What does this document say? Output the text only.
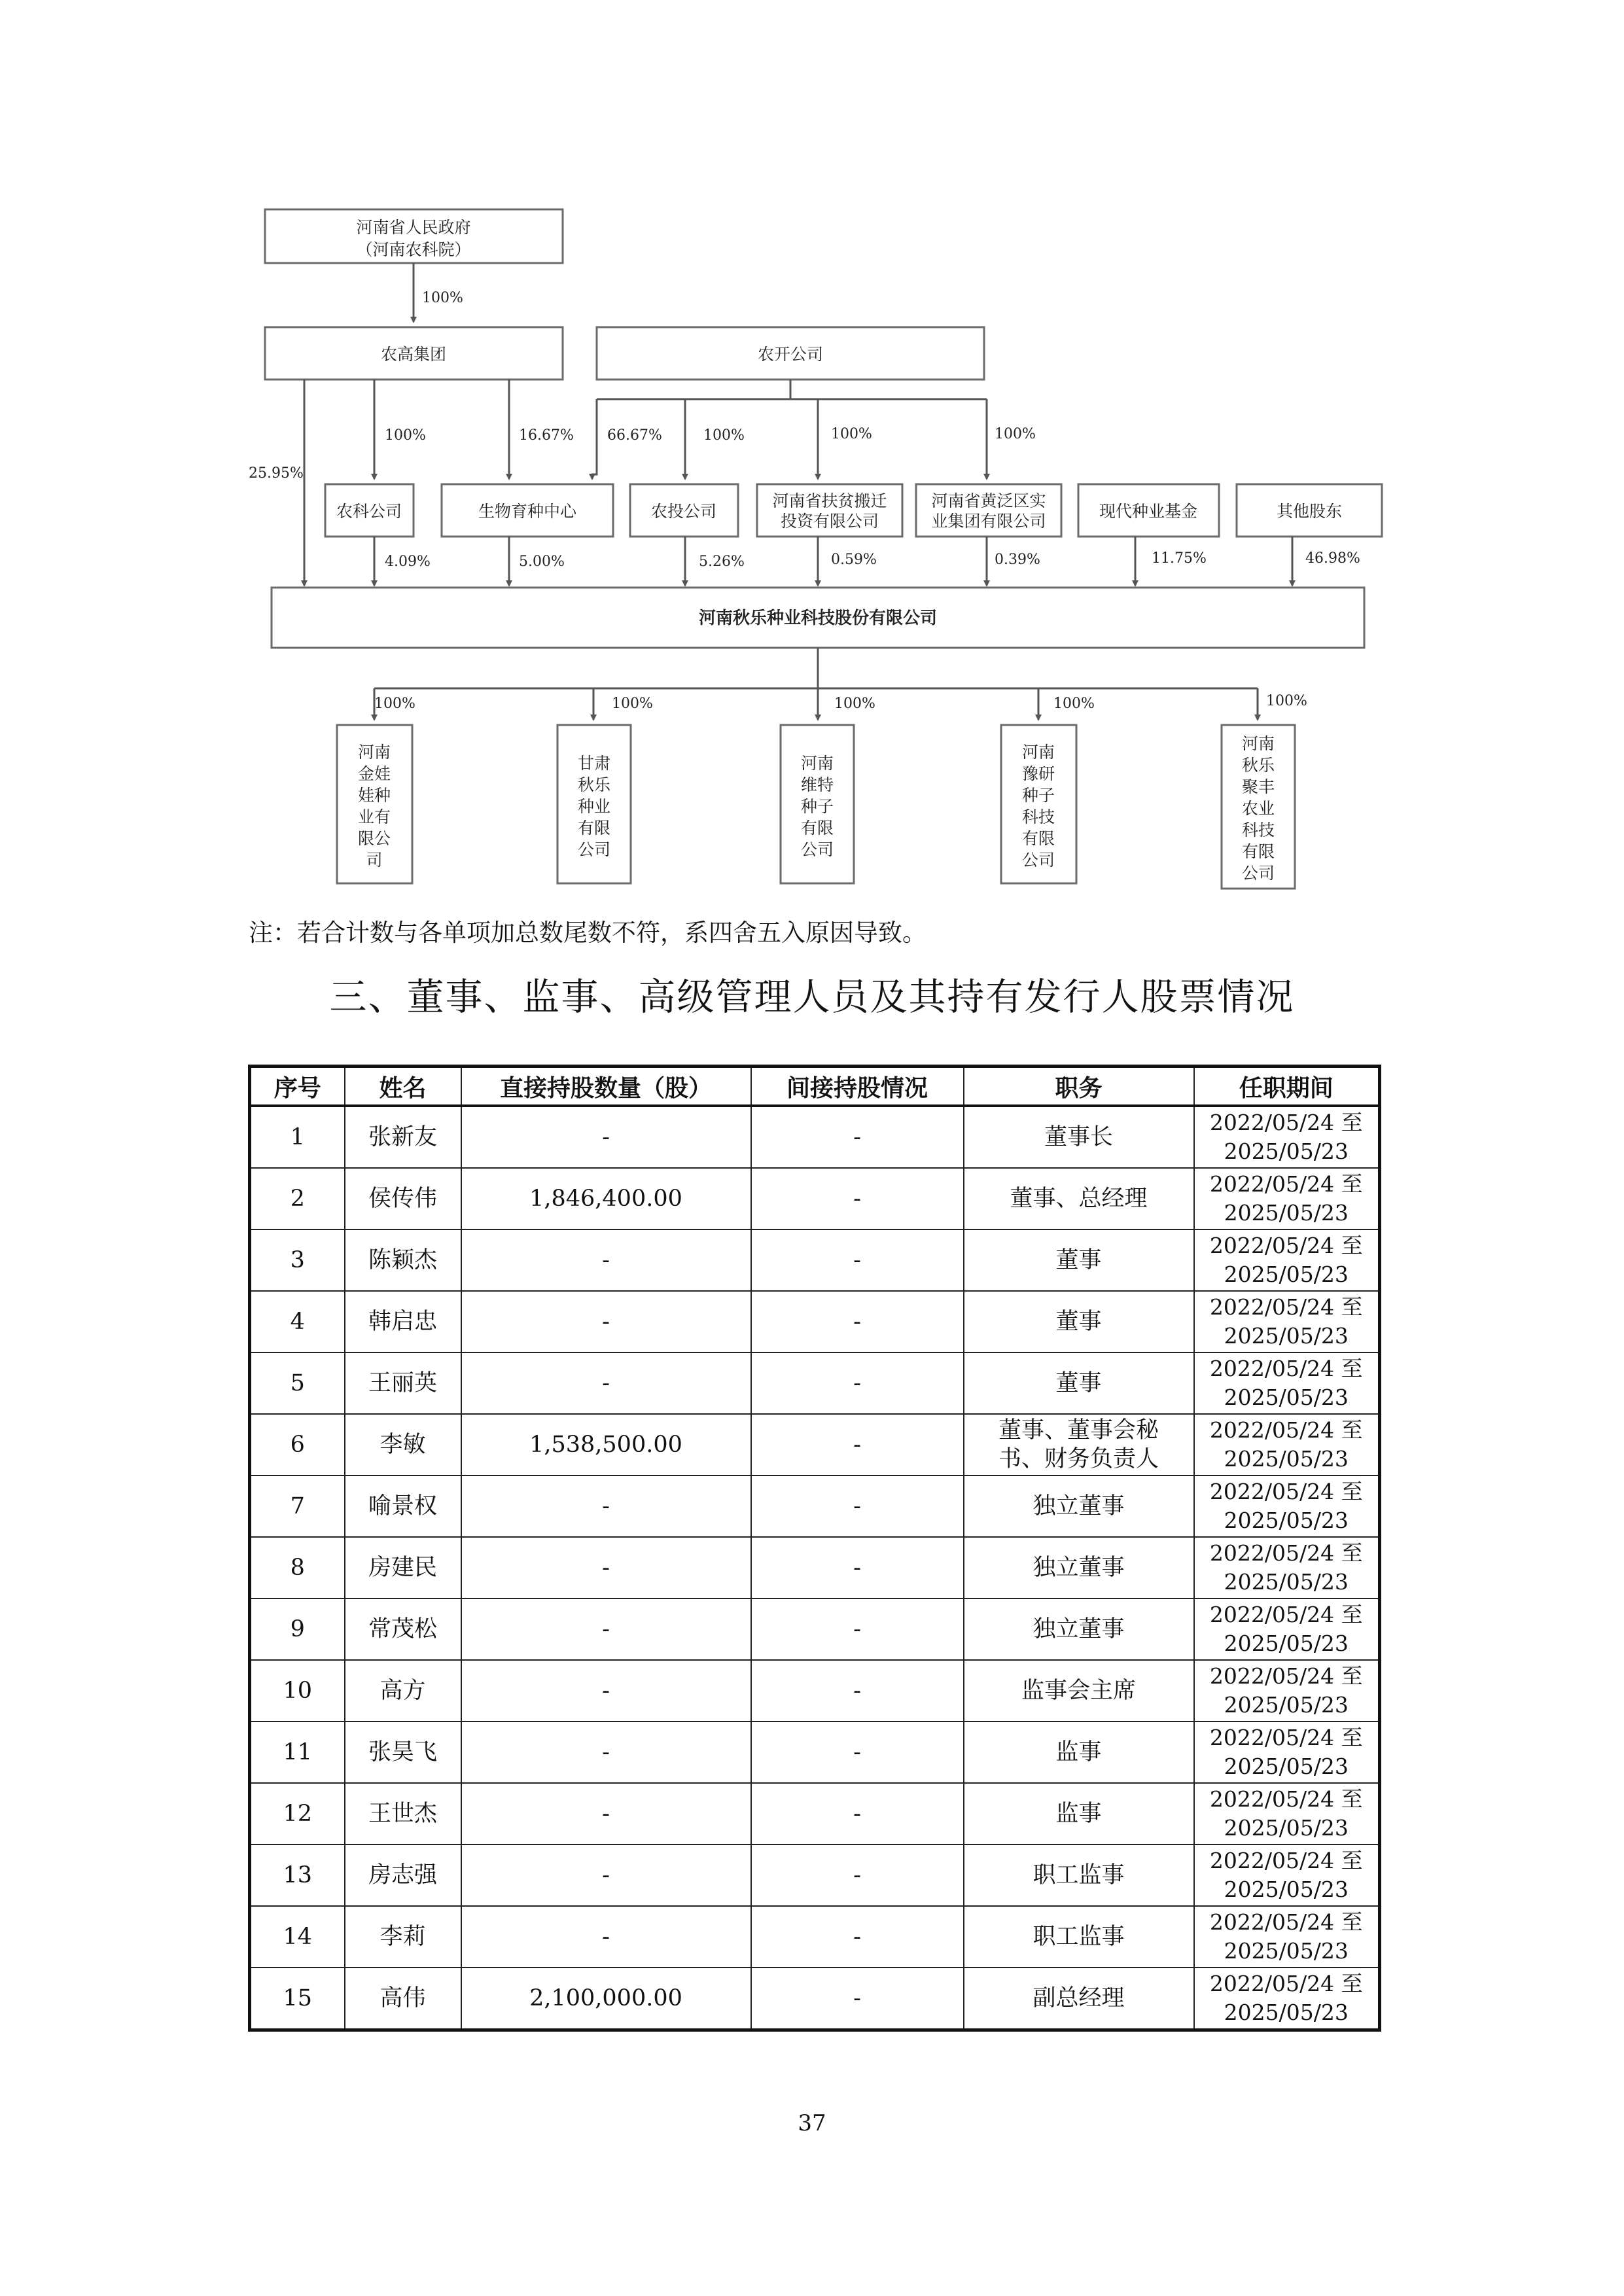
河南省人民政府
（河南农科院）
100%
农高集团	农开公司
25.95%
100%	16.67% 66.67%	100%	100%	100%
农科公司	生物育种中心	农投公司
河南省扶贫搬迁
投资有限公司
河南省黄泛区实
业集团有限公司
现代种业基金	其他股东
4.09%	5.00%	5.26%	0.59%	0.39%	11.75%	46.98%
河南秋乐种业科技股份有限公司
100%	100%	100%	100%	100%
河南
金娃
娃种
业有
限公
司
甘肃
秋乐
种业
有限
公司
河南
维特
种子
有限
公司
河南
豫研
种子
科技
有限
公司
河南
秋乐
聚丰
农业
科技
有限
公司
注：若合计数与各单项加总数尾数不符，系四舍五入原因导致。
三、董事、监事、高级管理人员及其持有发行人股票情况
序号	姓名	直接持股数量（股）	间接持股情况	职务	任职期间
1	张新友	-	-	董事长	2022/05/24 至
2025/05/23

2	侯传伟	1,846,400.00	-	董事、总经理	2022/05/24 至
2025/05/23

3	陈颖杰	-	-	董事	2022/05/24 至
2025/05/23

4	韩启忠	-	-	董事	2022/05/24 至
2025/05/23

5	王丽英	-	-	董事	2022/05/24 至
2025/05/23

6	李敏	1,538,500.00	-	董事、董事会秘
书、财务负责人	2022/05/24 至
2025/05/23

7	喻景权	-	-	独立董事	2022/05/24 至
2025/05/23

8	房建民	-	-	独立董事	2022/05/24 至
2025/05/23

9	常茂松	-	-	独立董事	2022/05/24 至
2025/05/23

10	高方	-	-	监事会主席	2022/05/24 至
2025/05/23

11	张昊飞	-	-	监事	2022/05/24 至
2025/05/23

12	王世杰	-	-	监事	2022/05/24 至
2025/05/23

13	房志强	-	-	职工监事	2022/05/24 至
2025/05/23

14	李莉	-	-	职工监事	2022/05/24 至
2025/05/23

15	高伟	2,100,000.00	-	副总经理	2022/05/24 至
2025/05/23
37
